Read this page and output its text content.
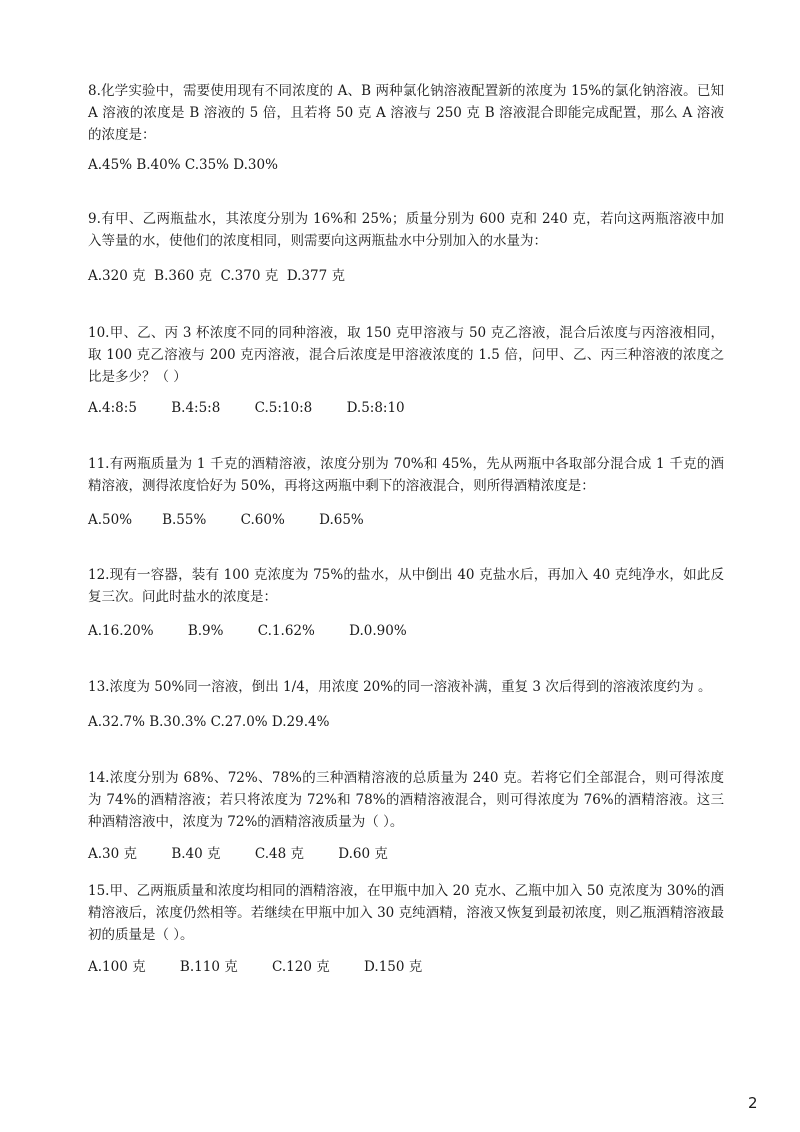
8.化学实验中，需要使用现有不同浓度的 A、B 两种氯化钠溶液配置新的浓度为 15%的氯化钠溶液。已知 A 溶液的浓度是 B 溶液的 5 倍，且若将 50 克 A 溶液与 250 克 B 溶液混合即能完成配置，那么 A 溶液的浓度是：

A.45% B.40% C.35% D.30%

9.有甲、乙两瓶盐水，其浓度分别为 16%和 25%；质量分别为 600 克和 240 克，若向这两瓶溶液中加入等量的水，使他们的浓度相同，则需要向这两瓶盐水中分别加入的水量为：

A.320 克  B.360 克  C.370 克  D.377 克

10.甲、乙、丙 3 杯浓度不同的同种溶液，取 150 克甲溶液与 50 克乙溶液，混合后浓度与丙溶液相同，取 100 克乙溶液与 200 克丙溶液，混合后浓度是甲溶液浓度的 1.5 倍，问甲、乙、丙三种溶液的浓度之比是多少？（ ）

A.4:8:5        B.4:5:8        C.5:10:8        D.5:8:10

11.有两瓶质量为 1 千克的酒精溶液，浓度分别为 70%和 45%，先从两瓶中各取部分混合成 1 千克的酒精溶液，测得浓度恰好为 50%，再将这两瓶中剩下的溶液混合，则所得酒精浓度是：

A.50%       B.55%        C.60%        D.65%

12.现有一容器，装有 100 克浓度为 75%的盐水，从中倒出 40 克盐水后，再加入 40 克纯净水，如此反复三次。问此时盐水的浓度是：

A.16.20%        B.9%        C.1.62%        D.0.90%

13.浓度为 50%同一溶液，倒出 1/4，用浓度 20%的同一溶液补满，重复 3 次后得到的溶液浓度约为 。

A.32.7% B.30.3% C.27.0% D.29.4%

14.浓度分别为 68%、72%、78%的三种酒精溶液的总质量为 240 克。若将它们全部混合，则可得浓度为 74%的酒精溶液；若只将浓度为 72%和 78%的酒精溶液混合，则可得浓度为 76%的酒精溶液。这三种酒精溶液中，浓度为 72%的酒精溶液质量为（ ）。

A.30 克        B.40 克        C.48 克        D.60 克

15.甲、乙两瓶质量和浓度均相同的酒精溶液，在甲瓶中加入 20 克水、乙瓶中加入 50 克浓度为 30%的酒精溶液后，浓度仍然相等。若继续在甲瓶中加入 30 克纯酒精，溶液又恢复到最初浓度，则乙瓶酒精溶液最初的质量是（ ）。

A.100 克        B.110 克        C.120 克        D.150 克

2
